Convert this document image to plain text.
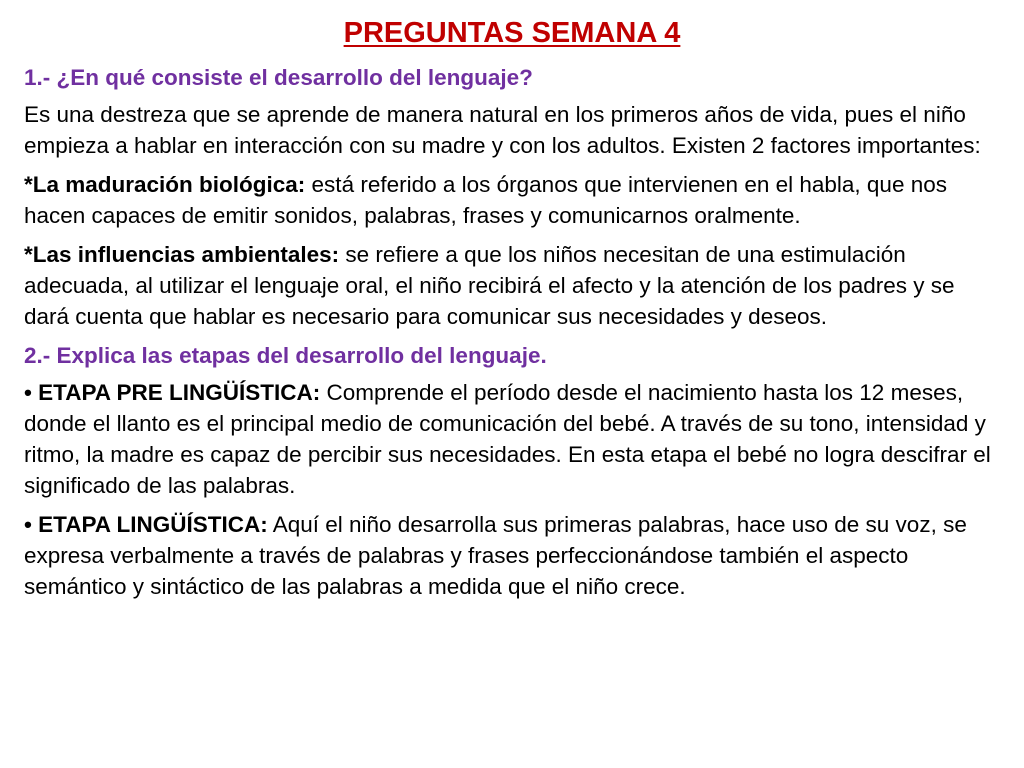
PREGUNTAS SEMANA 4

1.- ¿En qué consiste el desarrollo del lenguaje?

Es una destreza que se aprende de manera natural en los primeros años de vida, pues el niño empieza a hablar en interacción con su madre y con los adultos. Existen 2 factores importantes:

*La maduración biológica: está referido a los órganos que intervienen en el habla, que nos hacen capaces de emitir sonidos, palabras, frases y comunicarnos oralmente.

*Las influencias ambientales: se refiere a que los niños necesitan de una estimulación adecuada, al utilizar el lenguaje oral, el niño recibirá el afecto y la atención de los padres y se dará cuenta que hablar es necesario para comunicar sus necesidades y deseos.

2.- Explica las etapas del desarrollo del lenguaje.

• ETAPA PRE LINGÜÍSTICA: Comprende el período desde el nacimiento hasta los 12 meses, donde el llanto es el principal medio de comunicación del bebé. A través de su tono, intensidad y ritmo, la madre es capaz de percibir sus necesidades. En esta etapa el bebé no logra descifrar el significado de las palabras.

• ETAPA LINGÜÍSTICA: Aquí el niño desarrolla sus primeras palabras, hace uso de su voz, se expresa verbalmente a través de palabras y frases perfeccionándose también el aspecto semántico y sintáctico de las palabras a medida que el niño crece.
